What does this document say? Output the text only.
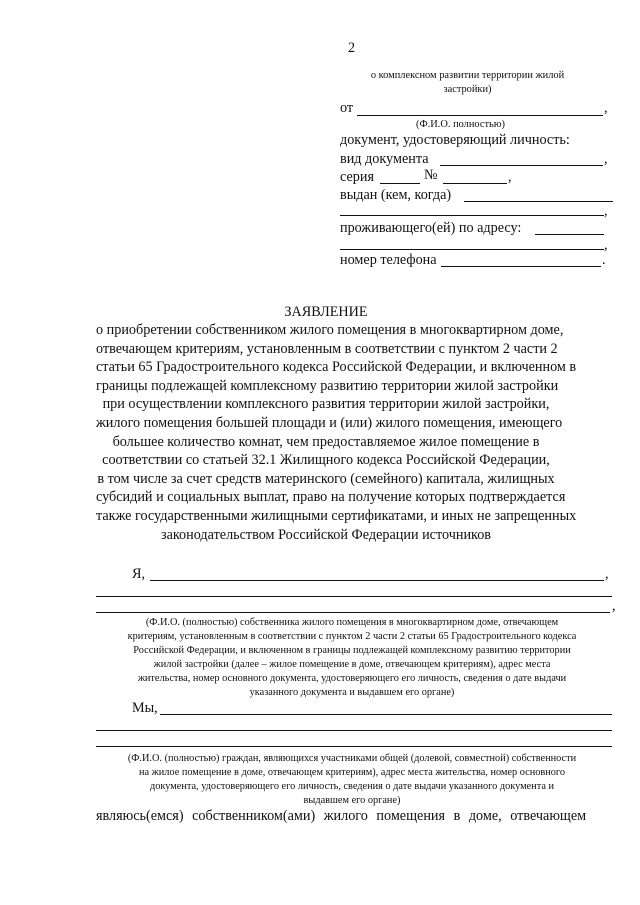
2
о комплексном развитии территории жилой
застройки)
от	,
(Ф.И.О. полностью)
документ, удостоверяющий личность:
вид документа	,
серия	№	,
выдан (кем, когда)
,
проживающего(ей) по адресу:
,
номер телефона	.
ЗАЯВЛЕНИЕ
о приобретении собственником жилого помещения в многоквартирном доме,
отвечающем критериям, установленным в соответствии с пунктом 2 части 2
статьи 65 Градостроительного кодекса Российской Федерации, и включенном в
границы подлежащей комплексному развитию территории жилой застройки
при осуществлении комплексного развития территории жилой застройки,
жилого помещения большей площади и (или) жилого помещения, имеющего
большее количество комнат, чем предоставляемое жилое помещение в
соответствии со статьей 32.1 Жилищного кодекса Российской Федерации,
в том числе за счет средств материнского (семейного) капитала, жилищных
субсидий и социальных выплат, право на получение которых подтверждается
также государственными жилищными сертификатами, и иных не запрещенных
законодательством Российской Федерации источников
Я,	,
,
(Ф.И.О. (полностью) собственника жилого помещения в многоквартирном доме, отвечающем
критериям, установленным в соответствии с пунктом 2 части 2 статьи 65 Градостроительного кодекса
Российской Федерации, и включенном в границы подлежащей комплексному развитию территории
жилой застройки (далее – жилое помещение в доме, отвечающем критериям), адрес места
жительства, номер основного документа, удостоверяющего его личность, сведения о дате выдачи
указанного документа и выдавшем его органе)
Мы,
(Ф.И.О. (полностью) граждан, являющихся участниками общей (долевой, совместной) собственности
на жилое помещение в доме, отвечающем критериям), адрес места жительства, номер основного
документа, удостоверяющего его личность, сведения о дате выдачи указанного документа и
выдавшем его органе)
являюсь(емся) собственником(ами) жилого помещения в доме, отвечающем
